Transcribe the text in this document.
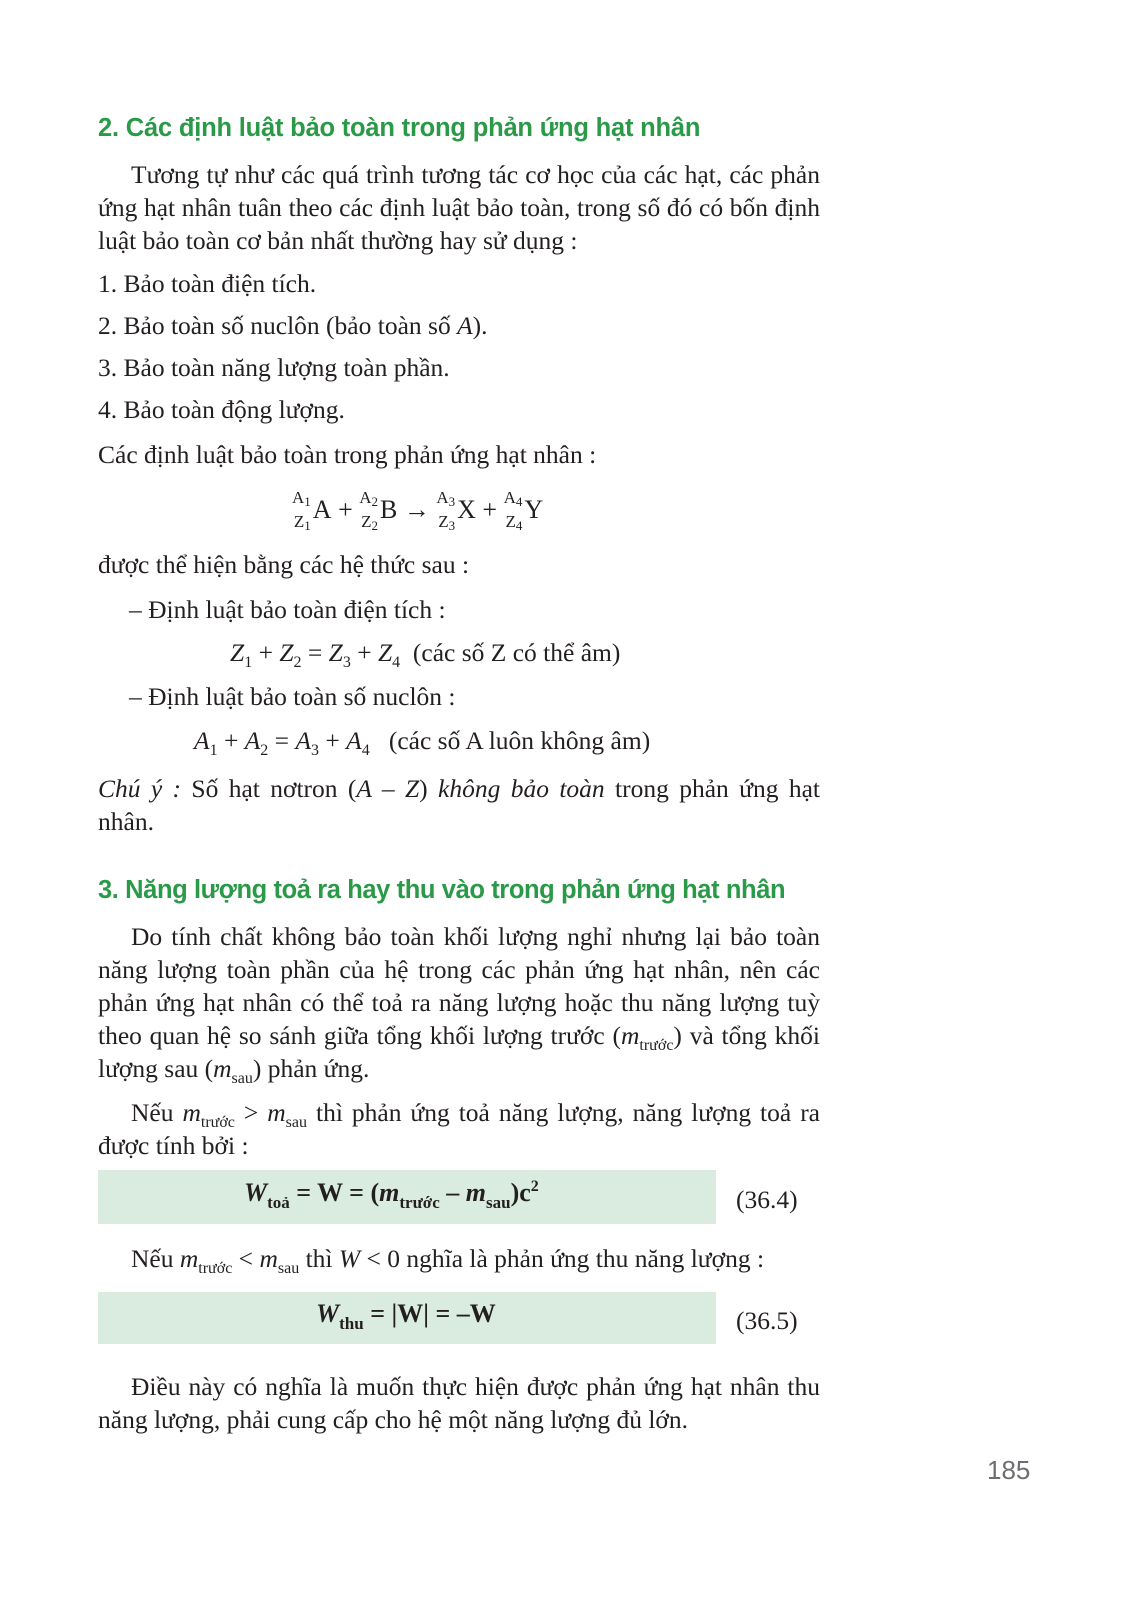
2. Các định luật bảo toàn trong phản ứng hạt nhân
Tương tự như các quá trình tương tác cơ học của các hạt, các phản ứng hạt nhân tuân theo các định luật bảo toàn, trong số đó có bốn định luật bảo toàn cơ bản nhất thường hay sử dụng :
1. Bảo toàn điện tích.
2. Bảo toàn số nuclôn (bảo toàn số A).
3. Bảo toàn năng lượng toàn phần.
4. Bảo toàn động lượng.
Các định luật bảo toàn trong phản ứng hạt nhân :
A1
Z1
A + A2
Z2
B → A3
Z3
X + A4
Z4
Y
được thể hiện bằng các hệ thức sau :
– Định luật bảo toàn điện tích :
$Z_1 + Z_2 = Z_3 + Z_4$ (các số Z có thể âm)
– Định luật bảo toàn số nuclôn :
$A_1 + A_2 = A_3 + A_4$ (các số A luôn không âm)
Chú ý : Số hạt nơtron (A – Z) không bảo toàn trong phản ứng hạt nhân.
3. Năng lượng toả ra hay thu vào trong phản ứng hạt nhân
Do tính chất không bảo toàn khối lượng nghỉ nhưng lại bảo toàn năng lượng toàn phần của hệ trong các phản ứng hạt nhân, nên các phản ứng hạt nhân có thể toả ra năng lượng hoặc thu năng lượng tuỳ theo quan hệ so sánh giữa tổng khối lượng trước $(m_{trước})$ và tổng khối lượng sau $(m_{sau})$ phản ứng.
Nếu $m_{trước} > m_{sau}$ thì phản ứng toả năng lượng, năng lượng toả ra được tính bởi :
$W_{toả} = W = (m_{trước} - m_{sau})c^2$	(36.4)
Nếu $m_{trước} < m_{sau}$ thì W < 0 nghĩa là phản ứng thu năng lượng :
$W_{thu} = |W| = -W$	(36.5)
Điều này có nghĩa là muốn thực hiện được phản ứng hạt nhân thu năng lượng, phải cung cấp cho hệ một năng lượng đủ lớn.
185
